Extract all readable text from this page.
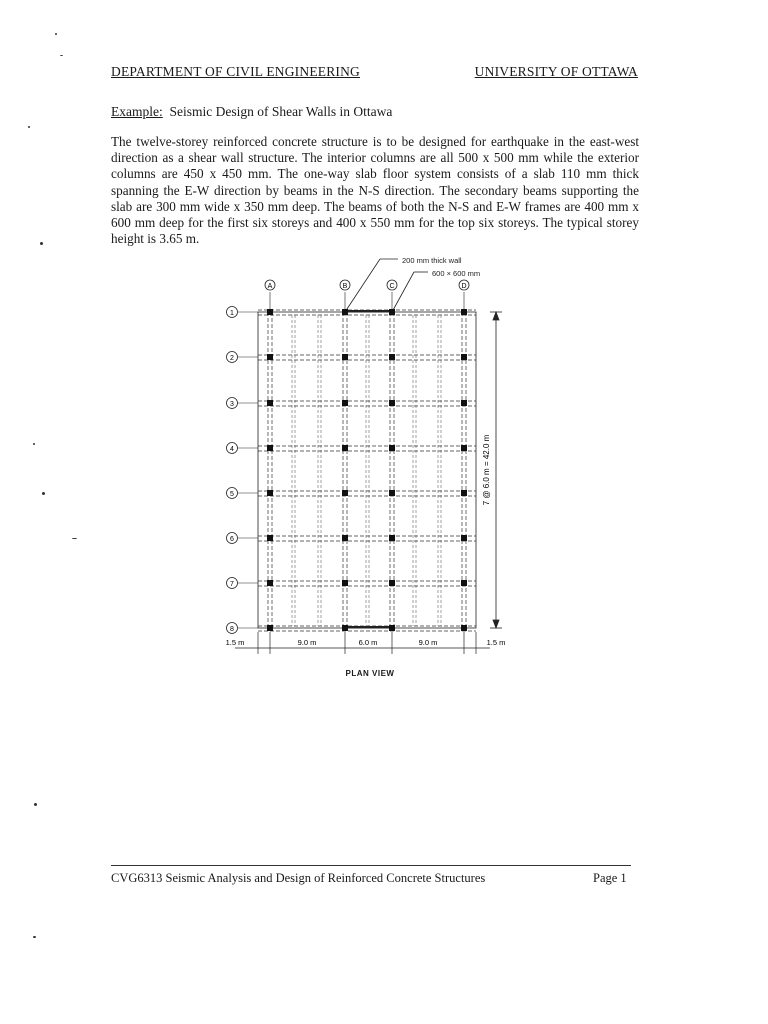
DEPARTMENT OF CIVIL ENGINEERING	UNIVERSITY OF OTTAWA
Example: Seismic Design of Shear Walls in Ottawa
The twelve-storey reinforced concrete structure is to be designed for earthquake in the east-west direction as a shear wall structure. The interior columns are all 500 x 500 mm while the exterior columns are 450 x 450 mm. The one-way slab floor system consists of a slab 110 mm thick spanning the E-W direction by beams in the N-S direction. The secondary beams supporting the slab are 300 mm wide x 350 mm deep. The beams of both the N-S and E-W frames are 400 mm x 600 mm deep for the first six storeys and 400 x 550 mm for the top six storeys. The typical storey height is 3.65 m.
200 mm thick wall
600 × 600 mm
A	B	C	D
1
2
3
4
5
6
7
8
7 @ 6.0 m = 42.0 m
1.5 m	9.0 m	6.0 m	9.0 m	1.5 m
PLAN VIEW
CVG6313 Seismic Analysis and Design of Reinforced Concrete Structures	Page 1
